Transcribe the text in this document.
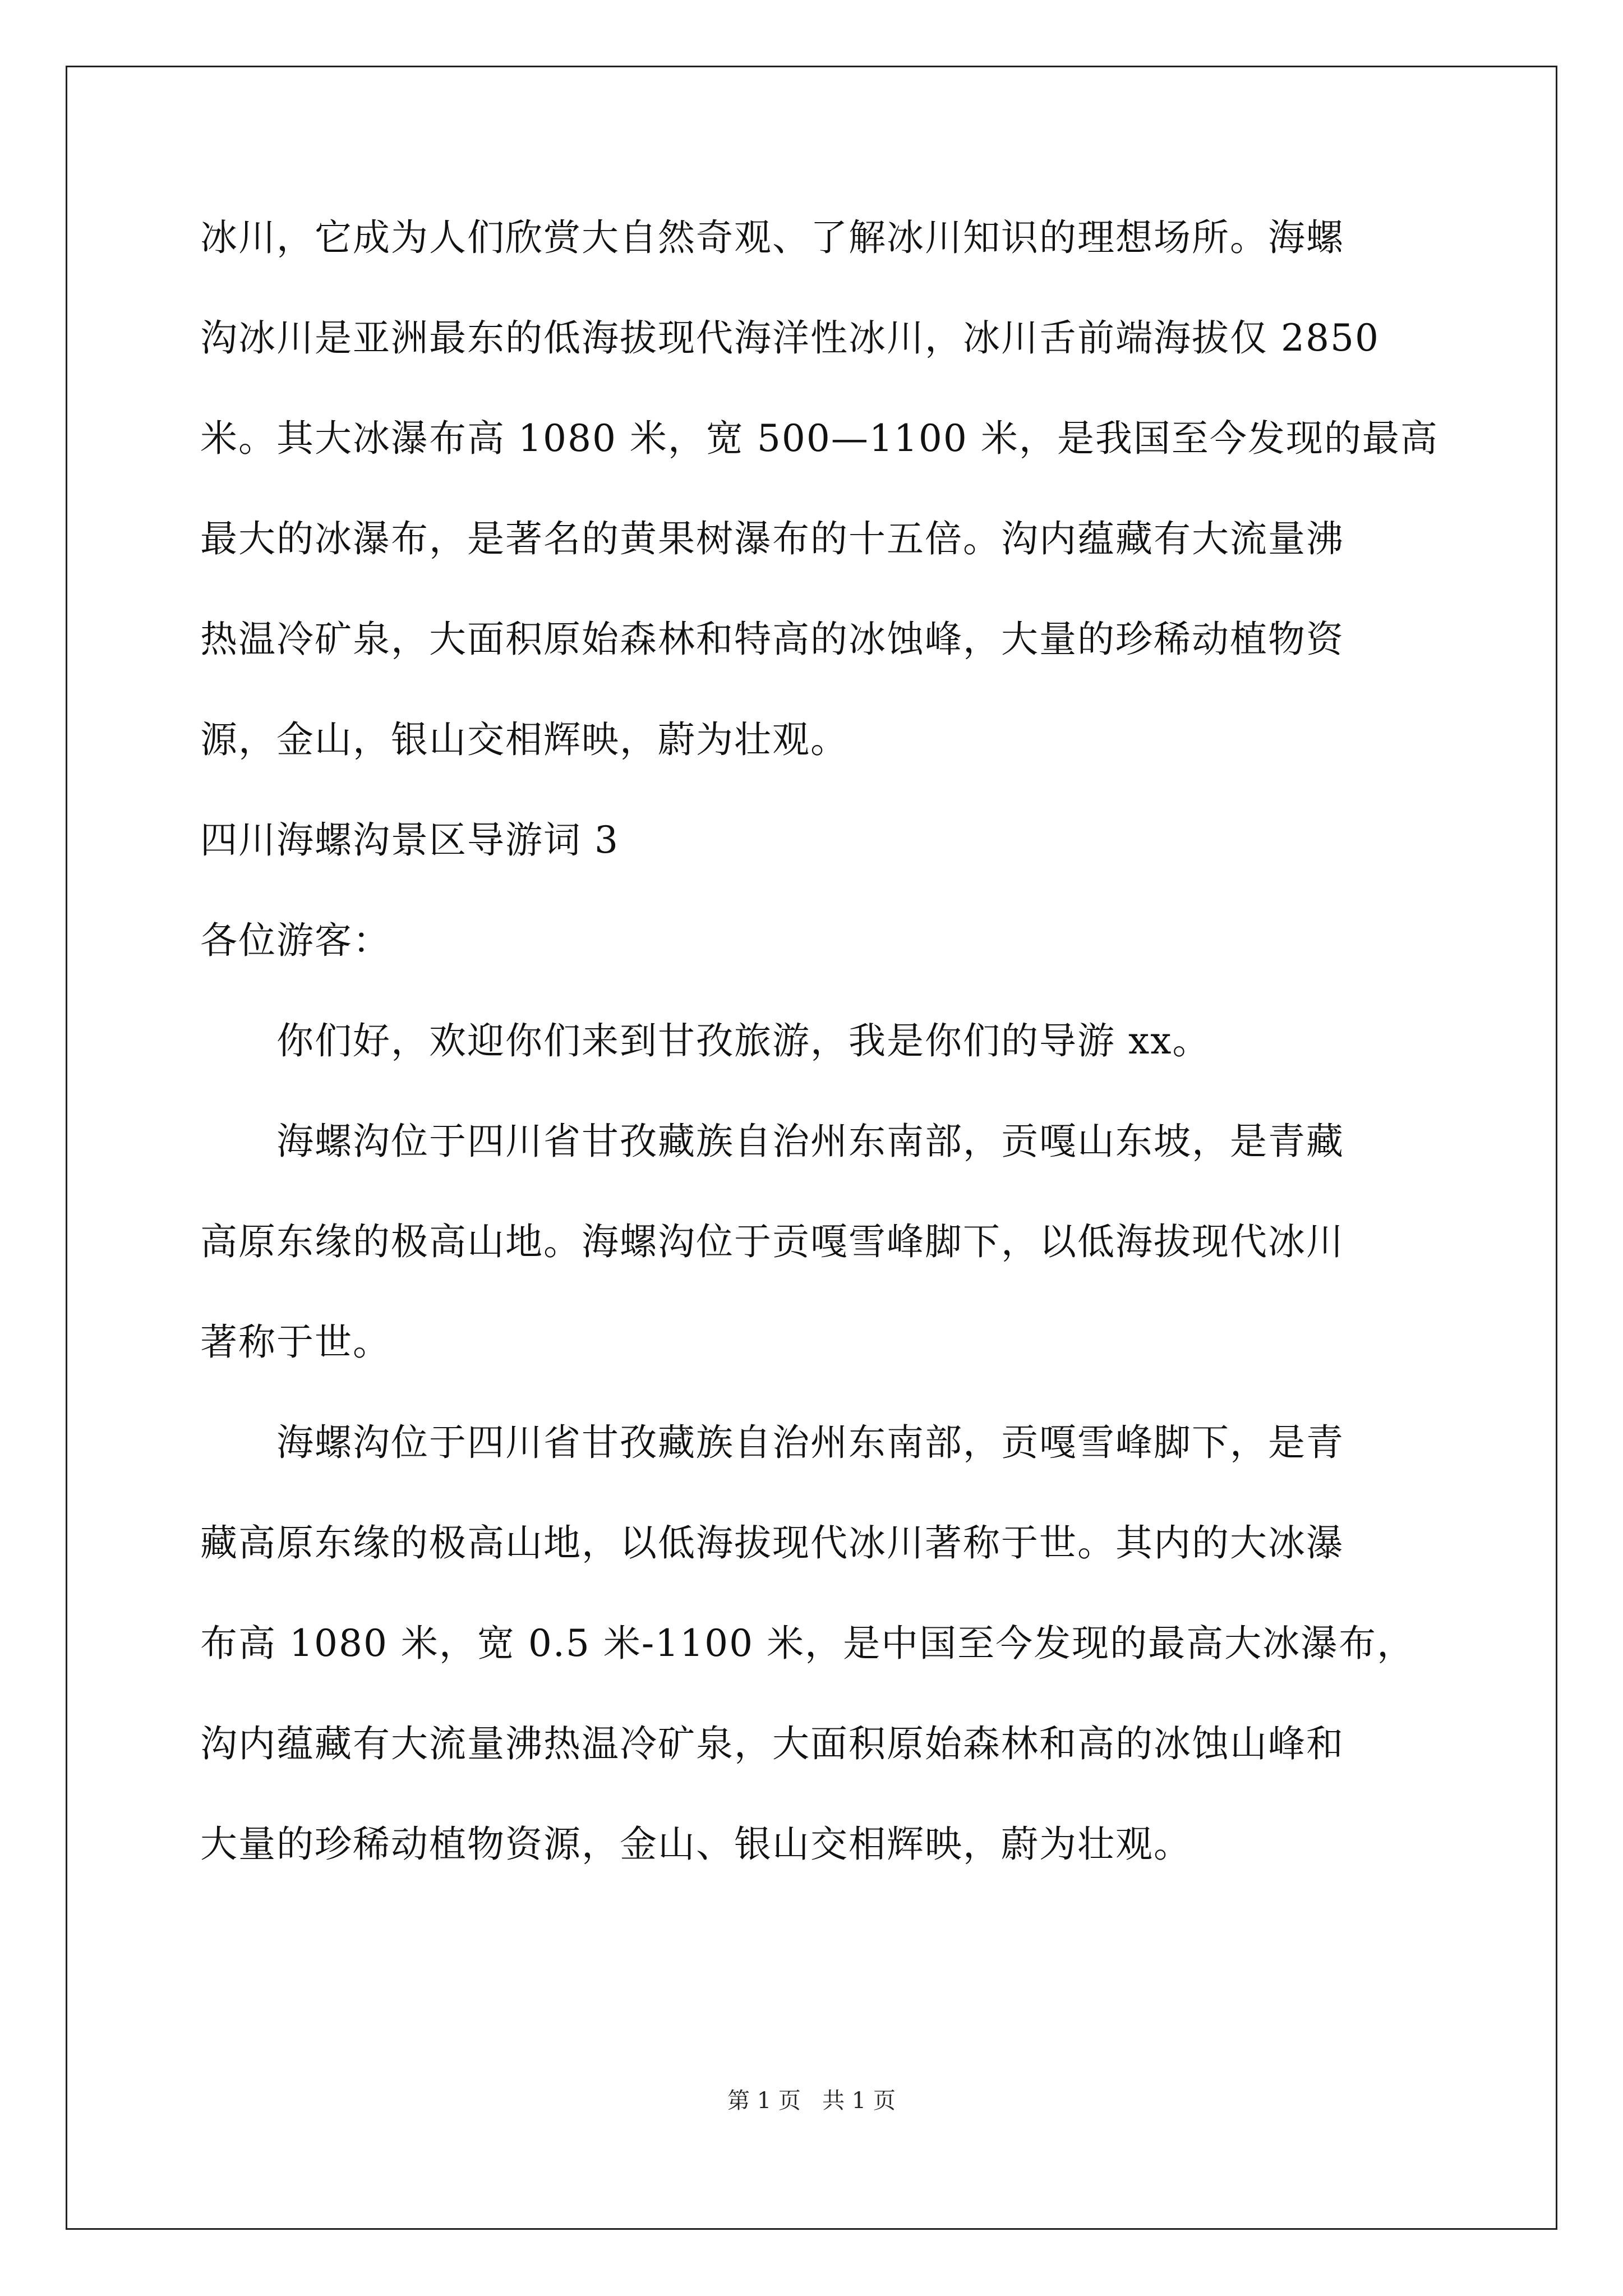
冰川，它成为人们欣赏大自然奇观、了解冰川知识的理想场所。海螺
沟冰川是亚洲最东的低海拔现代海洋性冰川，冰川舌前端海拔仅 2850
米。其大冰瀑布高 1080 米，宽 500—1100 米，是我国至今发现的最高
最大的冰瀑布，是著名的黄果树瀑布的十五倍。沟内蕴藏有大流量沸
热温冷矿泉，大面积原始森林和特高的冰蚀峰，大量的珍稀动植物资
源，金山，银山交相辉映，蔚为壮观。
四川海螺沟景区导游词 3
各位游客：
你们好，欢迎你们来到甘孜旅游，我是你们的导游 xx。
海螺沟位于四川省甘孜藏族自治州东南部，贡嘎山东坡，是青藏
高原东缘的极高山地。海螺沟位于贡嘎雪峰脚下，以低海拔现代冰川
著称于世。
海螺沟位于四川省甘孜藏族自治州东南部，贡嘎雪峰脚下，是青
藏高原东缘的极高山地，以低海拔现代冰川著称于世。其内的大冰瀑
布高 1080 米，宽 0.5 米-1100 米，是中国至今发现的最高大冰瀑布，
沟内蕴藏有大流量沸热温冷矿泉，大面积原始森林和高的冰蚀山峰和
大量的珍稀动植物资源，金山、银山交相辉映，蔚为壮观。
第 1 页   共 1 页
